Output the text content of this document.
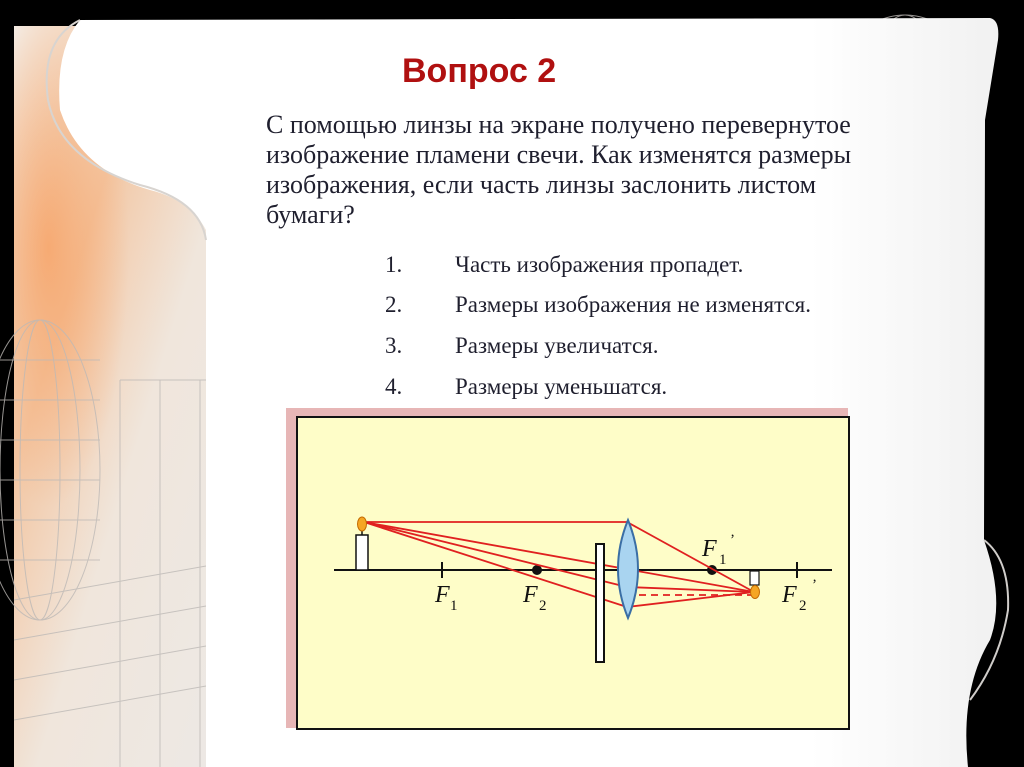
Вопрос 2

С помощью линзы на экране получено перевернутое изображение пламени свечи. Как изменятся размеры изображения, если часть линзы заслонить листом бумаги?

1. Часть изображения пропадет.
2. Размеры изображения не изменятся.
3. Размеры увеличатся.
4. Размеры уменьшатся.
F 1	F 2
F 1
’
F 2
’
